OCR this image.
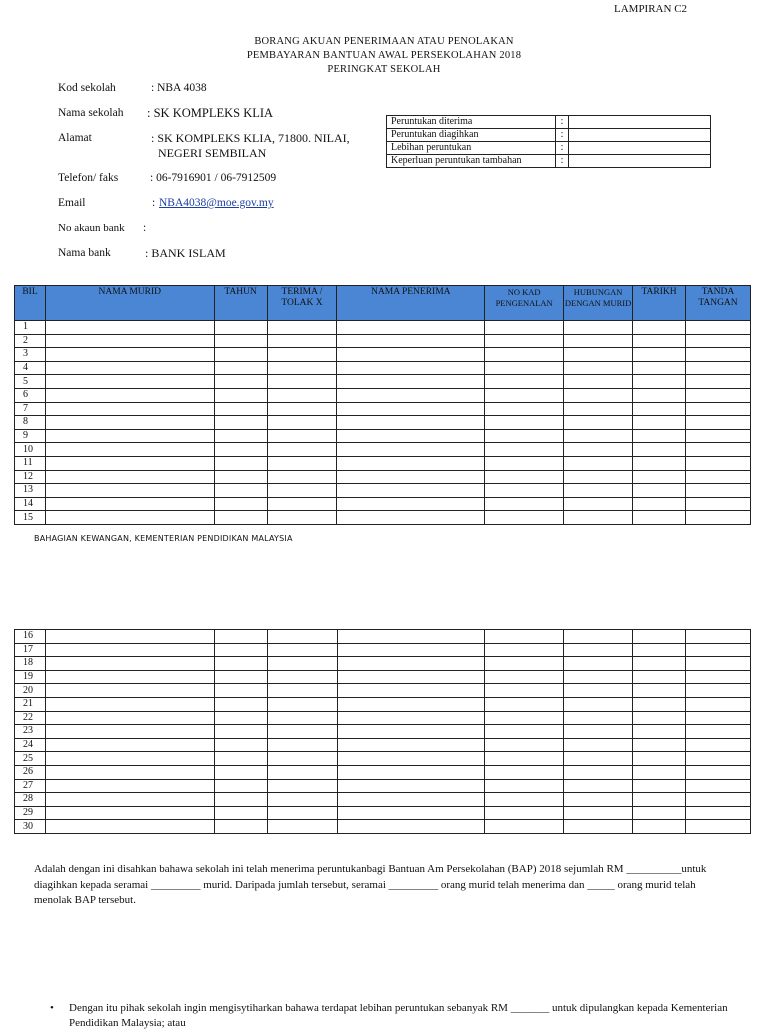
LAMPIRAN C2
BORANG AKUAN PENERIMAAN ATAU PENOLAKAN
PEMBAYARAN BANTUAN AWAL PERSEKOLAHAN 2018
PERINGKAT SEKOLAH
Kod sekolah	: NBA 4038
Nama sekolah : SK KOMPLEKS KLIA
Alamat	: SK KOMPLEKS KLIA, 71800. NILAI,
NEGERI SEMBILAN
Telefon/ faks	: 06-7916901 / 06-7912509
Email	: NBA4038@moe.gov.my
No akaun bank :
Nama bank	: BANK ISLAM
Peruntukan diterima	:	
Peruntukan diagihkan	:	
Lebihan peruntukan	:	
Keperluan peruntukan tambahan	:	
BIL	NAMA MURID	TAHUN	TERIMA / TOLAK X	NAMA PENERIMA	NO KAD PENGENALAN	HUBUNGAN DENGAN MURID	TARIKH	TANDA TANGAN
1								
2								
3								
4								
5								
6								
7								
8								
9								
10								
11								
12								
13								
14								
15								
BAHAGIAN KEWANGAN, KEMENTERIAN PENDIDIKAN MALAYSIA
16								
17								
18								
19								
20								
21								
22								
23								
24								
25								
26								
27								
28								
29								
30								
Adalah dengan ini disahkan bahawa sekolah ini telah menerima peruntukanbagi Bantuan Am Persekolahan (BAP) 2018 sejumlah RM __________untuk diagihkan kepada seramai _________ murid. Daripada jumlah tersebut, seramai _________ orang murid telah menerima dan _____ orang murid telah menolak BAP tersebut.
• Dengan itu pihak sekolah ingin mengisytiharkan bahawa terdapat lebihan peruntukan sebanyak RM _______ untuk dipulangkan kepada Kementerian Pendidikan Malaysia; atau
